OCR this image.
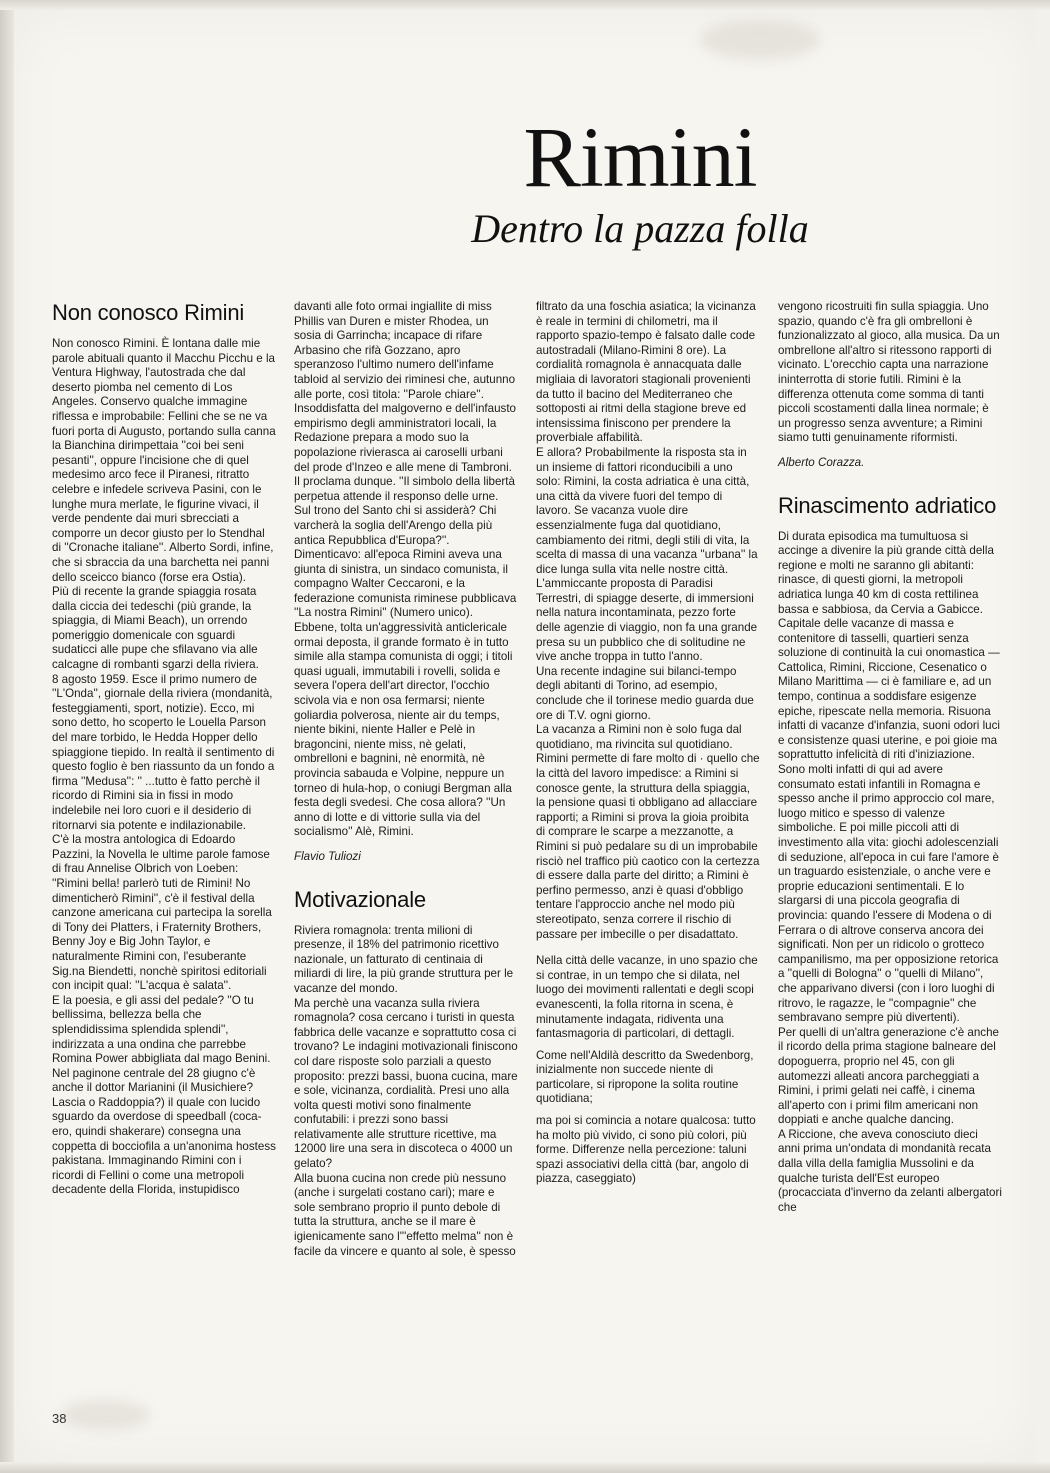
Rimini
Dentro la pazza folla
Non conosco Rimini

Non conosco Rimini. È lontana dalle mie parole abituali quanto il Macchu Picchu e la Ventura Highway, l'autostrada che dal deserto piomba nel cemento di Los Angeles. Conservo qualche immagine riflessa e improbabile: Fellini che se ne va fuori porta di Augusto, portando sulla canna la Bianchina dirimpettaia ''coi bei seni pesanti'', oppure l'incisione che di quel medesimo arco fece il Piranesi, ritratto celebre e infedele scriveva Pasini, con le lunghe mura merlate, le figurine vivaci, il verde pendente dai muri sbrecciati a comporre un decor giusto per lo Stendhal di ''Cronache italiane''. Alberto Sordi, infine, che si sbraccia da una barchetta nei panni dello sceicco bianco (forse era Ostia).

Più di recente la grande spiaggia rosata dalla ciccia dei tedeschi (più grande, la spiaggia, di Miami Beach), un orrendo pomeriggio domenicale con sguardi sudaticci alle pupe che sfilavano via alle calcagne di rombanti sgarzi della riviera.

8 agosto 1959. Esce il primo numero de ''L'Onda'', giornale della riviera (mondanità, festeggiamenti, sport, notizie). Ecco, mi sono detto, ho scoperto le Louella Parson del mare torbido, le Hedda Hopper dello spiaggione tiepido. In realtà il sentimento di questo foglio è ben riassunto da un fondo a firma ''Medusa'': '' ...tutto è fatto perchè il ricordo di Rimini sia in fissi in modo indelebile nei loro cuori e il desiderio di ritornarvi sia potente e indilazionabile.

C'è la mostra antologica di Edoardo Pazzini, la Novella le ultime parole famose di frau Annelise Olbrich von Loeben: ''Rimini bella! parlerò tuti de Rimini! No dimenticherò Rimini'', c'è il festival della canzone americana cui partecipa la sorella di Tony dei Platters, i Fraternity Brothers, Benny Joy e Big John Taylor, e naturalmente Rimini con, l'esuberante Sig.na Biendetti, nonchè spiritosi editoriali con incipit qual: ''L'acqua è salata''.

E la poesia, e gli assi del pedale? ''O tu bellissima, bellezza bella che splendidissima splendida splendi'', indirizzata a una ondina che parrebbe Romina Power abbigliata dal mago Benini. Nel paginone centrale del 28 giugno c'è anche il dottor Marianini (il Musichiere? Lascia o Raddoppia?) il quale con lucido sguardo da overdose di speedball (coca-ero, quindi shakerare) consegna una coppetta di bocciofila a un'anonima hostess pakistana. Immaginando Rimini con i ricordi di Fellini o come una metropoli decadente della Florida, instupidisco

davanti alle foto ormai ingiallite di miss Phillis van Duren e mister Rhodea, un sosia di Garrincha; incapace di rifare Arbasino che rifà Gozzano, apro speranzoso l'ultimo numero dell'infame tabloid al servizio dei riminesi che, autunno alle porte, così titola: ''Parole chiare''.

Insoddisfatta del malgoverno e dell'infausto empirismo degli amministratori locali, la Redazione prepara a modo suo la popolazione rivierasca ai caroselli urbani del prode d'Inzeo e alle mene di Tambroni. Il proclama dunque. ''Il simbolo della libertà perpetua attende il responso delle urne. Sul trono del Santo chi si assiderà? Chi varcherà la soglia dell'Arengo della più antica Repubblica d'Europa?''. Dimenticavo: all'epoca Rimini aveva una giunta di sinistra, un sindaco comunista, il compagno Walter Ceccaroni, e la federazione comunista riminese pubblicava ''La nostra Rimini'' (Numero unico). Ebbene, tolta un'aggressività anticlericale ormai deposta, il grande formato è in tutto simile alla stampa comunista di oggi; i titoli quasi uguali, immutabili i rovelli, solida e severa l'opera dell'art director, l'occhio scivola via e non osa fermarsi; niente goliardia polverosa, niente air du temps, niente bikini, niente Haller e Pelè in bragoncini, niente miss, nè gelati, ombrelloni e bagnini, nè enormità, nè provincia sabauda e Volpine, neppure un torneo di hula-hop, o coniugi Bergman alla festa degli svedesi. Che cosa allora? ''Un anno di lotte e di vittorie sulla via del socialismo'' Alè, Rimini.

Flavio Tuliozi
Motivazionale

Riviera romagnola: trenta milioni di presenze, il 18% del patrimonio ricettivo nazionale, un fatturato di centinaia di miliardi di lire, la più grande struttura per le vacanze del mondo.

Ma perchè una vacanza sulla riviera romagnola? cosa cercano i turisti in questa fabbrica delle vacanze e soprattutto cosa ci trovano? Le indagini motivazionali finiscono col dare risposte solo parziali a questo proposito: prezzi bassi, buona cucina, mare e sole, vicinanza, cordialità. Presi uno alla volta questi motivi sono finalmente confutabili: i prezzi sono bassi relativamente alle strutture ricettive, ma 12000 lire una sera in discoteca o 4000 un gelato?

Alla buona cucina non crede più nessuno (anche i surgelati costano cari); mare e sole sembrano proprio il punto debole di tutta la struttura, anche se il mare è igienicamente sano l'''effetto melma'' non è facile da vincere e quanto al sole, è spesso

filtrato da una foschia asiatica; la vicinanza è reale in termini di chilometri, ma il rapporto spazio-tempo è falsato dalle code autostradali (Milano-Rimini 8 ore). La cordialità romagnola è annacquata dalle migliaia di lavoratori stagionali provenienti da tutto il bacino del Mediterraneo che sottoposti ai ritmi della stagione breve ed intensissima finiscono per prendere la proverbiale affabilità.

E allora? Probabilmente la risposta sta in un insieme di fattori riconducibili a uno solo: Rimini, la costa adriatica è una città, una città da vivere fuori del tempo di lavoro. Se vacanza vuole dire essenzialmente fuga dal quotidiano, cambiamento dei ritmi, degli stili di vita, la scelta di massa di una vacanza ''urbana'' la dice lunga sulla vita nelle nostre città.

L'ammiccante proposta di Paradisi Terrestri, di spiagge deserte, di immersioni nella natura incontaminata, pezzo forte delle agenzie di viaggio, non fa una grande presa su un pubblico che di solitudine ne vive anche troppa in tutto l'anno.

Una recente indagine sui bilanci-tempo degli abitanti di Torino, ad esempio, conclude che il torinese medio guarda due ore di T.V. ogni giorno.

La vacanza a Rimini non è solo fuga dal quotidiano, ma rivincita sul quotidiano.

Rimini permette di fare molto di · quello che la città del lavoro impedisce: a Rimini si conosce gente, la struttura della spiaggia, la pensione quasi ti obbligano ad allacciare rapporti; a Rimini si prova la gioia proibita di comprare le scarpe a mezzanotte, a Rimini si può pedalare su di un improbabile risciò nel traffico più caotico con la certezza di essere dalla parte del diritto; a Rimini è perfino permesso, anzi è quasi d'obbligo tentare l'approccio anche nel modo più stereotipato, senza correre il rischio di passare per imbecille o per disadattato.

Nella città delle vacanze, in uno spazio che si contrae, in un tempo che si dilata, nel luogo dei movimenti rallentati e degli scopi evanescenti, la folla ritorna in scena, è minutamente indagata, ridiventa una fantasmagoria di particolari, di dettagli.

Come nell'Aldilà descritto da Swedenborg, inizialmente non succede niente di particolare, si ripropone la solita routine quotidiana;

ma poi si comincia a notare qualcosa: tutto ha molto più vivido, ci sono più colori, più forme. Differenze nella percezione: taluni spazi associativi della città (bar, angolo di piazza, caseggiato)

vengono ricostruiti fin sulla spiaggia. Uno spazio, quando c'è fra gli ombrelloni è funzionalizzato al gioco, alla musica. Da un ombrellone all'altro si ritessono rapporti di vicinato. L'orecchio capta una narrazione ininterrotta di storie futili. Rimini è la differenza ottenuta come somma di tanti piccoli scostamenti dalla linea normale; è un progresso senza avventure; a Rimini siamo tutti genuinamente riformisti.

Alberto Corazza.
Rinascimento adriatico

Di durata episodica ma tumultuosa si accinge a divenire la più grande città della regione e molti ne saranno gli abitanti: rinasce, di questi giorni, la metropoli adriatica lunga 40 km di costa rettilinea bassa e sabbiosa, da Cervia a Gabicce. Capitale delle vacanze di massa e contenitore di tasselli, quartieri senza soluzione di continuità la cui onomastica — Cattolica, Rimini, Riccione, Cesenatico o Milano Marittima — ci è familiare e, ad un tempo, continua a soddisfare esigenze epiche, ripescate nella memoria. Risuona infatti di vacanze d'infanzia, suoni odori luci e consistenze quasi uterine, e poi gioie ma soprattutto infelicità di riti d'iniziazione. Sono molti infatti di qui ad avere consumato estati infantili in Romagna e spesso anche il primo approccio col mare, luogo mitico e spesso di valenze simboliche. E poi mille piccoli atti di investimento alla vita: giochi adolescenziali di seduzione, all'epoca in cui fare l'amore è un traguardo esistenziale, o anche vere e proprie educazioni sentimentali. E lo slargarsi di una piccola geografia di provincia: quando l'essere di Modena o di Ferrara o di altrove conserva ancora dei significati. Non per un ridicolo o grotteco campanilismo, ma per opposizione retorica a ''quelli di Bologna'' o ''quelli di Milano'', che apparivano diversi (con i loro luoghi di ritrovo, le ragazze, le ''compagnie'' che sembravano sempre più divertenti).

Per quelli di un'altra generazione c'è anche il ricordo della prima stagione balneare del dopoguerra, proprio nel 45, con gli automezzi alleati ancora parcheggiati a Rimini, i primi gelati nei caffè, i cinema all'aperto con i primi film americani non doppiati e anche qualche dancing.

A Riccione, che aveva conosciuto dieci anni prima un'ondata di mondanità recata dalla villa della famiglia Mussolini e da qualche turista dell'Est europeo (procacciata d'inverno da zelanti albergatori che

38
